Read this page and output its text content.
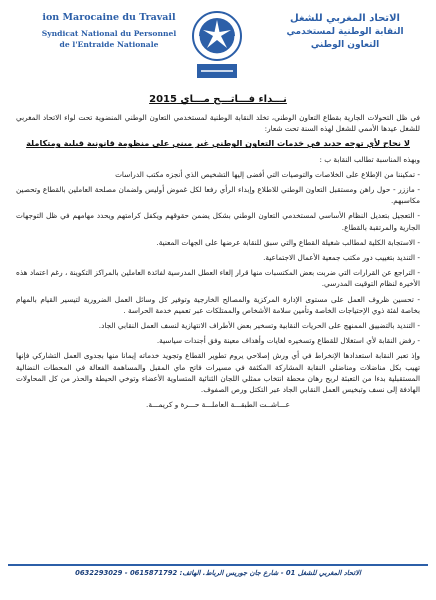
ion Marocaine du Travail
Syndicat National du Personnel
de l'Entraide Nationale
الاتحاد المغربي للشغل
النقابة الوطنية لمستخدمي
التعاون الوطني
نـــداء فـــاتـــح مـــاي 2015

في ظل التحولات الجارية بقطاع التعاون الوطني، تخلد النقابة الوطنية لمستخدمي التعاون الوطني المنضوية تحت لواء الاتحاد المغربي للشغل عيدها الأممي للشغل لهذه السنة تحت شعار:

لا نجاح لأي توجه جديد في خدمات التعاون الوطني غير مبني على منظومة قانونية قبلية ومتكاملة

وبهذه المناسبة تطالب النقابة ب :

- تمكيننا من الإطلاع على الخلاصات والتوصيات التي أفضى إليها التشخيص الذي أنجزه مكتب الدراسات

- ماززر - حول راهن ومستقبل التعاون الوطني للاطلاع وإبداء الرأي رفعا لكل غموض أوليس ولضمان مصلحة العاملين بالقطاع وتحصين مكاسبهم.

- التعجيل بتعديل النظام الأساسي لمستخدمي التعاون الوطني بشكل يضمن حقوقهم ويكفل كرامتهم ويحدد مهامهم في ظل التوجهات الجارية والمرتقبة بالقطاع.

- الاستجابة الكلية لمطالب شغيلة القطاع والتي سبق للنقابة عرضها على الجهات المعنية.

- التنديد بتغييب دور مكتب جمعية الأعمال الاجتماعية.

- التراجع عن القرارات التي ضربت بعض المكتسبات منها قرار إلغاء العطل المدرسية لفائدة العاملين بالمراكز التكوينة ، رغم اعتماد هذه الأخيرة لنظام التوقيت المدرسي.

- تحسين ظروف العمل على مستوى الإدارة المركزية والمصالح الخارجية وتوفير كل وسائل العمل الضرورية لتيسير القيام بالمهام بخاصة لفئة ذوي الإحتياجات الخاصة وتأمين سلامة الأشخاص والممتلكات عبر تعميم خدمة الحراسة .

- التنديد بالتضييق الممنهج على الحريات النقابية وتسخير بعض الأطراف الانتهازية لنسف العمل النقابي الجاد.

- رفض النقابة لأي استغلال للقطاع وتسخيره لغايات وأهداف معينة وفق أجندات سياسية.

وإذ تعبر النقابة استعدادها الإنخراط في أي ورش إصلاحي يروم تطوير القطاع وتجويد خدماته إيمانا منها بجدوى العمل التشاركي فإنها تهيب بكل مناضلات ومناضلي النقابة المشاركة المكثفة في مسيرات فاتح ماي المقبل والمساهمة الفعالة في المحطات النضالية المستقبلية بدءا من التعبئة لربح رهان محطة انتخاب ممثلي اللجان الثنائية المتساوية الأعضاء وتوخي الحيطة والحذر من كل المحاولات الهادفة إلى نسف وتبخيس العمل النقابي الجاد عبر التكتل ورص الصفوف.

عـــاشــت الطبقـــة العاملـــة حـــرة و كريمـــة.

الاتحاد المغربي للشغل 01 - شارع جان جوريس الرباط. الهاتف: 0615871792 - 0632293029
